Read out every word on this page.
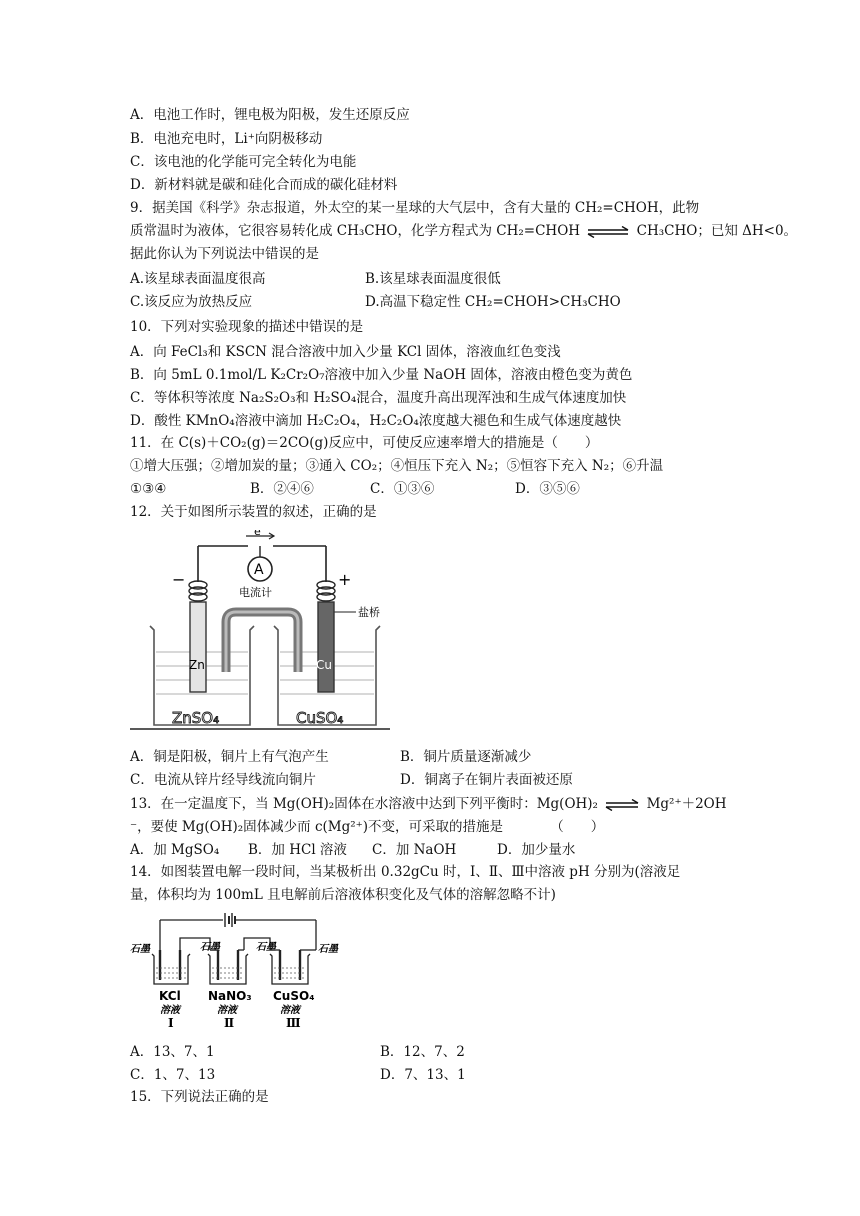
A．电池工作时，锂电极为阳极，发生还原反应
B．电池充电时，Li⁺向阴极移动
C．该电池的化学能可完全转化为电能
D．新材料就是碳和硅化合而成的碳化硅材料
9．据美国《科学》杂志报道，外太空的某一星球的大气层中，含有大量的 CH₂=CHOH，此物
质常温时为液体，它很容易转化成 CH₃CHO，化学方程式为 CH₂=CHOH ⇌ CH₃CHO；已知 ΔH<0。
据此你认为下列说法中错误的是
A.该星球表面温度很高	B.该星球表面温度很低
C.该反应为放热反应	D.高温下稳定性 CH₂=CHOH>CH₃CHO
10．下列对实验现象的描述中错误的是
A．向 FeCl₃和 KSCN 混合溶液中加入少量 KCl 固体，溶液血红色变浅
B．向 5mL 0.1mol/L K₂Cr₂O₇溶液中加入少量 NaOH 固体，溶液由橙色变为黄色
C．等体积等浓度 Na₂S₂O₃和 H₂SO₄混合，温度升高出现浑浊和生成气体速度加快
D．酸性 KMnO₄溶液中滴加 H₂C₂O₄，H₂C₂O₄浓度越大褪色和生成气体速度越快
11．在 C(s)＋CO₂(g)＝2CO(g)反应中，可使反应速率增大的措施是（　　）
①增大压强；②增加炭的量；③通入 CO₂；④恒压下充入 N₂；⑤恒容下充入 N₂；⑥升温
①③④	B．②④⑥	C．①③⑥	D．③⑤⑥
12．关于如图所示装置的叙述，正确的是
e⁻
A
电流计
−	+
盐桥
Zn	Cu
ZnSO₄	CuSO₄
A．铜是阳极，铜片上有气泡产生	B．铜片质量逐渐减少
C．电流从锌片经导线流向铜片	D．铜离子在铜片表面被还原
13．在一定温度下，当 Mg(OH)₂固体在水溶液中达到下列平衡时：Mg(OH)₂ ⇌ Mg²⁺＋2OH
⁻，要使 Mg(OH)₂固体减少而 c(Mg²⁺)不变，可采取的措施是　　　　（　　）
A．加 MgSO₄ B．加 HCl 溶液 C．加 NaOH	D．加少量水
14．如图装置电解一段时间，当某极析出 0.32gCu 时，Ⅰ、Ⅱ、Ⅲ中溶液 pH 分别为(溶液足
量，体积均为 100mL 且电解前后溶液体积变化及气体的溶解忽略不计)
石墨	石墨	石墨	石墨
KCl
溶液
Ⅰ
NaNO₃
溶液
Ⅱ
CuSO₄
溶液
Ⅲ
A．13、7、1	B．12、7、2
C．1、7、13	D．7、13、1
15．下列说法正确的是
